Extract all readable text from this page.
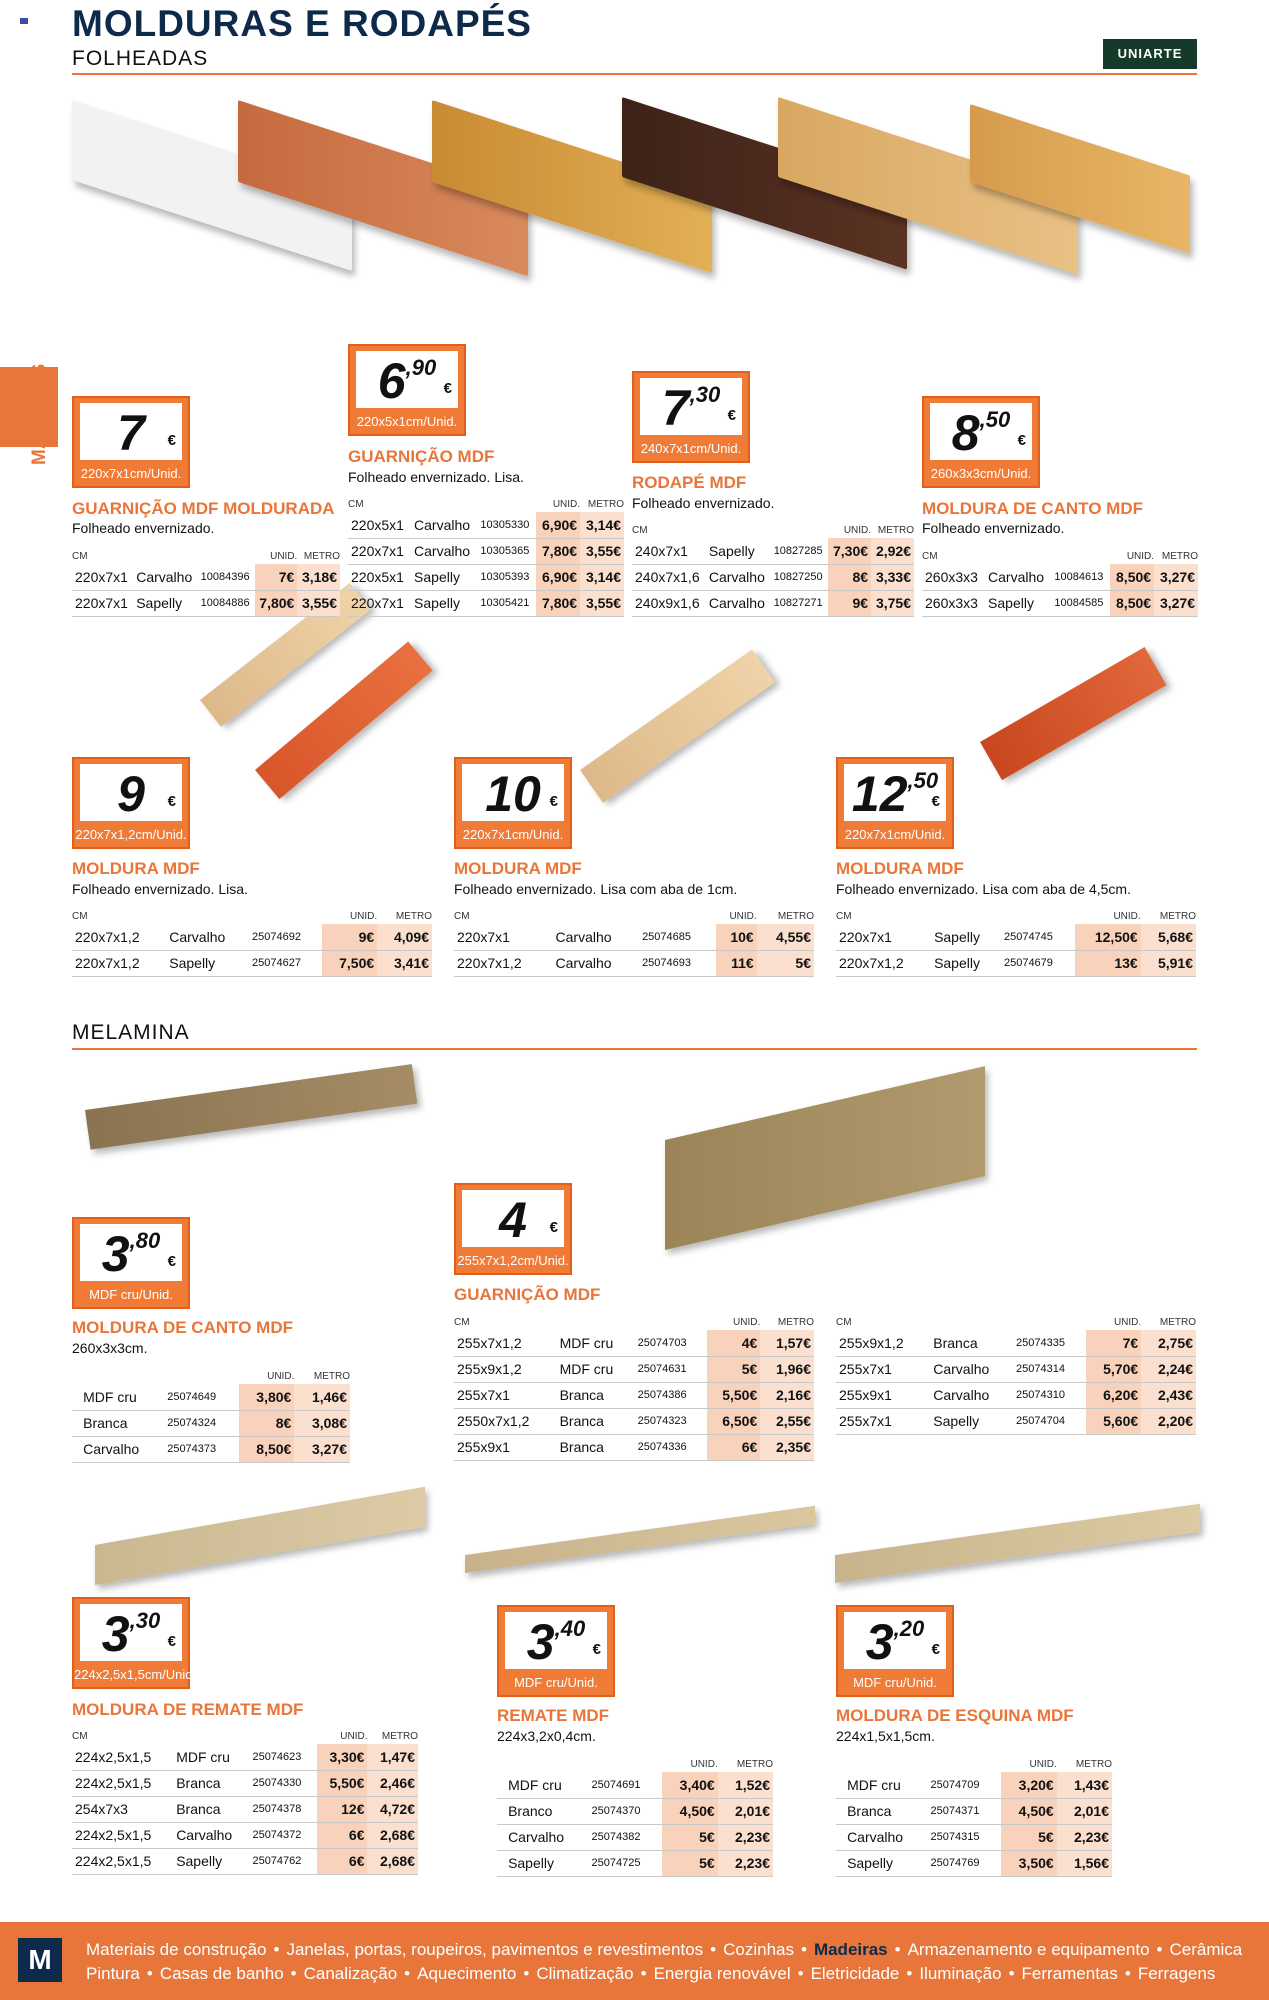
MOLDURAS E RODAPÉS
FOLHEADAS	UNIARTE
MADEIRAS
MELAMINA
7	€
220x7x1cm/Unid.
$6^{,90}$
€
220x5x1cm/Unid.	$7^{,30}$
€
240x7x1cm/Unid.	$8^{,50}$
€
260x3x3cm/Unid.
9	€
220x7x1,2cm/Unid.
10 €
220x7x1cm/Unid.
$12^{,50}$
€
220x7x1cm/Unid.
$3^{,80}$
€
MDF cru/Unid.
4	€
255x7x1,2cm/Unid.
$3^{,30}$
€
224x2,5x1,5cm/Unid.
$3^{,40}$
€
MDF cru/Unid.
$3^{,20}$
€
MDF cru/Unid.
GUARNIÇÃO MDF MOLDURADA
Folheado envernizado.
GUARNIÇÃO MDF
Folheado envernizado. Lisa.	RODAPÉ MDF
Folheado envernizado.	MOLDURA DE CANTO MDF
Folheado envernizado.
MOLDURA MDF
Folheado envernizado. Lisa.
MOLDURA MDF
Folheado envernizado. Lisa com aba de 1cm.
MOLDURA MDF
Folheado envernizado. Lisa com aba de 4,5cm.
MOLDURA DE CANTO MDF
260x3x3cm.
GUARNIÇÃO MDF
MOLDURA DE REMATE MDF	REMATE MDF
224x3,2x0,4cm.
MOLDURA DE ESQUINA MDF
224x1,5x1,5cm.
CM			UNID.	METRO
220x7x1	Carvalho	10084396	7€	3,18€
220x7x1	Sapelly	10084886	7,80€	3,55€
CM			UNID.	METRO
220x5x1	Carvalho	10305330	6,90€	3,14€
220x7x1	Carvalho	10305365	7,80€	3,55€
220x5x1	Sapelly	10305393	6,90€	3,14€
220x7x1	Sapelly	10305421	7,80€	3,55€
CM			UNID.	METRO
240x7x1	Sapelly	10827285	7,30€	2,92€
240x7x1,6	Carvalho	10827250	8€	3,33€
240x9x1,6	Carvalho	10827271	9€	3,75€
CM			UNID.	METRO
260x3x3	Carvalho	10084613	8,50€	3,27€
260x3x3	Sapelly	10084585	8,50€	3,27€
CM			UNID.	METRO
220x7x1,2	Carvalho	25074692	9€	4,09€
220x7x1,2	Sapelly	25074627	7,50€	3,41€
CM			UNID.	METRO
220x7x1	Carvalho	25074685	10€	4,55€
220x7x1,2	Carvalho	25074693	11€	5€
CM			UNID.	METRO
220x7x1	Sapelly	25074745	12,50€	5,68€
220x7x1,2	Sapelly	25074679	13€	5,91€
			UNID.	METRO
	MDF cru	25074649	3,80€	1,46€
	Branca	25074324	8€	3,08€
	Carvalho	25074373	8,50€	3,27€
CM			UNID.	METRO
255x7x1,2	MDF cru	25074703	4€	1,57€
255x9x1,2	MDF cru	25074631	5€	1,96€
255x7x1	Branca	25074386	5,50€	2,16€
2550x7x1,2	Branca	25074323	6,50€	2,55€
255x9x1	Branca	25074336	6€	2,35€
CM			UNID.	METRO
255x9x1,2	Branca	25074335	7€	2,75€
255x7x1	Carvalho	25074314	5,70€	2,24€
255x9x1	Carvalho	25074310	6,20€	2,43€
255x7x1	Sapelly	25074704	5,60€	2,20€
CM			UNID.	METRO
224x2,5x1,5	MDF cru	25074623	3,30€	1,47€
224x2,5x1,5	Branca	25074330	5,50€	2,46€
254x7x3	Branca	25074378	12€	4,72€
224x2,5x1,5	Carvalho	25074372	6€	2,68€
224x2,5x1,5	Sapelly	25074762	6€	2,68€
			UNID.	METRO
	MDF cru	25074691	3,40€	1,52€
	Branco	25074370	4,50€	2,01€
	Carvalho	25074382	5€	2,23€
	Sapelly	25074725	5€	2,23€
			UNID.	METRO
	MDF cru	25074709	3,20€	1,43€
	Branca	25074371	4,50€	2,01€
	Carvalho	25074315	5€	2,23€
	Sapelly	25074769	3,50€	1,56€
M	Materiais de construção • Janelas, portas, roupeiros, pavimentos e revestimentos • Cozinhas • Madeiras • Armazenamento e equipamento • Cerâmica
Pintura • Casas de banho • Canalização • Aquecimento • Climatização • Energia renovável • Eletricidade • Iluminação • Ferramentas • Ferragens
